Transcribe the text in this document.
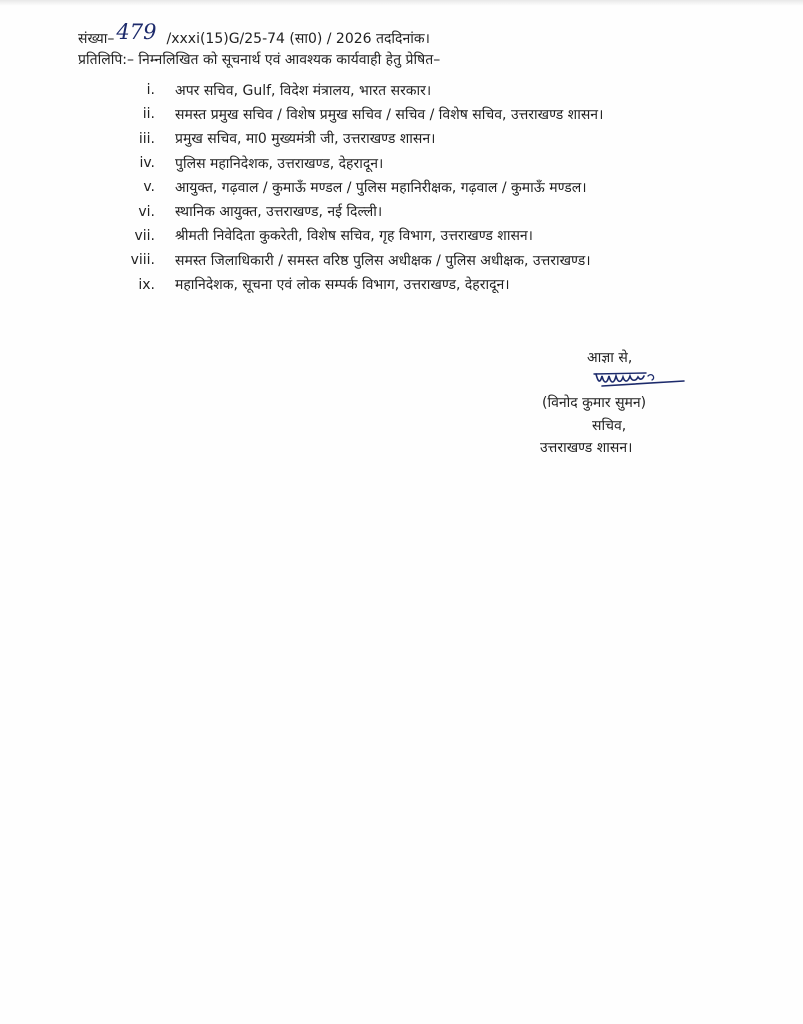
संख्या–479 /xxxi(15)G/25-74 (सा0) / 2026 तददिनांक।
प्रतिलिपि:– निम्नलिखित को सूचनार्थ एवं आवश्यक कार्यवाही हेतु प्रेषित–
i. अपर सचिव, Gulf, विदेश मंत्रालय, भारत सरकार।
ii. समस्त प्रमुख सचिव / विशेष प्रमुख सचिव / सचिव / विशेष सचिव, उत्तराखण्ड शासन।
iii. प्रमुख सचिव, मा0 मुख्यमंत्री जी, उत्तराखण्ड शासन।
iv. पुलिस महानिदेशक, उत्तराखण्ड, देहरादून।
v. आयुक्त, गढ़वाल / कुमाऊँ मण्डल / पुलिस महानिरीक्षक, गढ़वाल / कुमाऊँ मण्डल।
vi. स्थानिक आयुक्त, उत्तराखण्ड, नई दिल्ली।
vii. श्रीमती निवेदिता कुकरेती, विशेष सचिव, गृह विभाग, उत्तराखण्ड शासन।
viii. समस्त जिलाधिकारी / समस्त वरिष्ठ पुलिस अधीक्षक / पुलिस अधीक्षक, उत्तराखण्ड।
ix. महानिदेशक, सूचना एवं लोक सम्पर्क विभाग, उत्तराखण्ड, देहरादून।
आज्ञा से,
(विनोद कुमार सुमन)
सचिव,
उत्तराखण्ड शासन।
